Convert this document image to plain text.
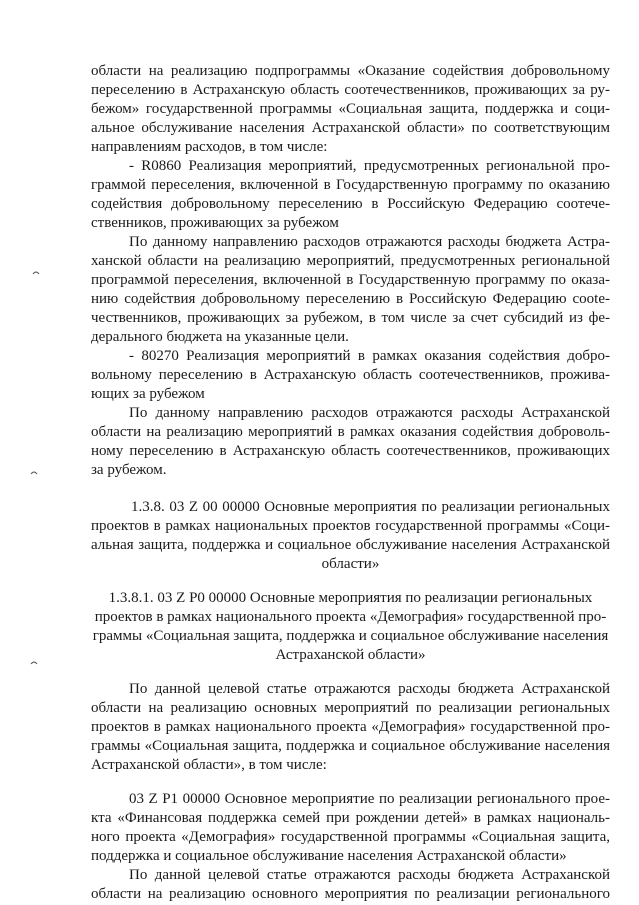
области на реализацию подпрограммы «Оказание содействия добровольному
переселению в Астраханскую область соотечественников, проживающих за ру-
бежом» государственной программы «Социальная защита, поддержка и соци-
альное обслуживание населения Астраханской области» по соответствующим
направлениям расходов, в том числе:
- R0860 Реализация мероприятий, предусмотренных региональной про-
граммой переселения, включенной в Государственную программу по оказанию
содействия добровольному переселению в Российскую Федерацию соотече-
ственников, проживающих за рубежом
По данному направлению расходов отражаются расходы бюджета Астра-
ханской области на реализацию мероприятий, предусмотренных региональной
программой переселения, включенной в Государственную программу по оказа-
нию содействия добровольному переселению в Российскую Федерацию соote-
чественников, проживающих за рубежом, в том числе за счет субсидий из фе-
дерального бюджета на указанные цели.
- 80270 Реализация мероприятий в рамках оказания содействия добро-
вольному переселению в Астраханскую область соотечественников, прожива-
ющих за рубежом
По данному направлению расходов отражаются расходы Астраханской
области на реализацию мероприятий в рамках оказания содействия доброволь-
ному переселению в Астраханскую область соотечественников, проживающих
за рубежом.
1.3.8. 03 Z 00 00000 Основные мероприятия по реализации региональных
проектов в рамках национальных проектов государственной программы «Соци-
альная защита, поддержка и социальное обслуживание населения Астраханской
области»
1.3.8.1. 03 Z P0 00000 Основные мероприятия по реализации региональных
проектов в рамках национального проекта «Демография» государственной про-
граммы «Социальная защита, поддержка и социальное обслуживание населения
Астраханской области»
По данной целевой статье отражаются расходы бюджета Астраханской
области на реализацию основных мероприятий по реализации региональных
проектов в рамках национального проекта «Демография» государственной про-
граммы «Социальная защита, поддержка и социальное обслуживание населения
Астраханской области», в том числе:
03 Z P1 00000 Основное мероприятие по реализации регионального прое-
кта «Финансовая поддержка семей при рождении детей» в рамках националь-
ного проекта «Демография» государственной программы «Социальная защита,
поддержка и социальное обслуживание населения Астраханской области»
По данной целевой статье отражаются расходы бюджета Астраханской
области на реализацию основного мероприятия по реализации регионального
